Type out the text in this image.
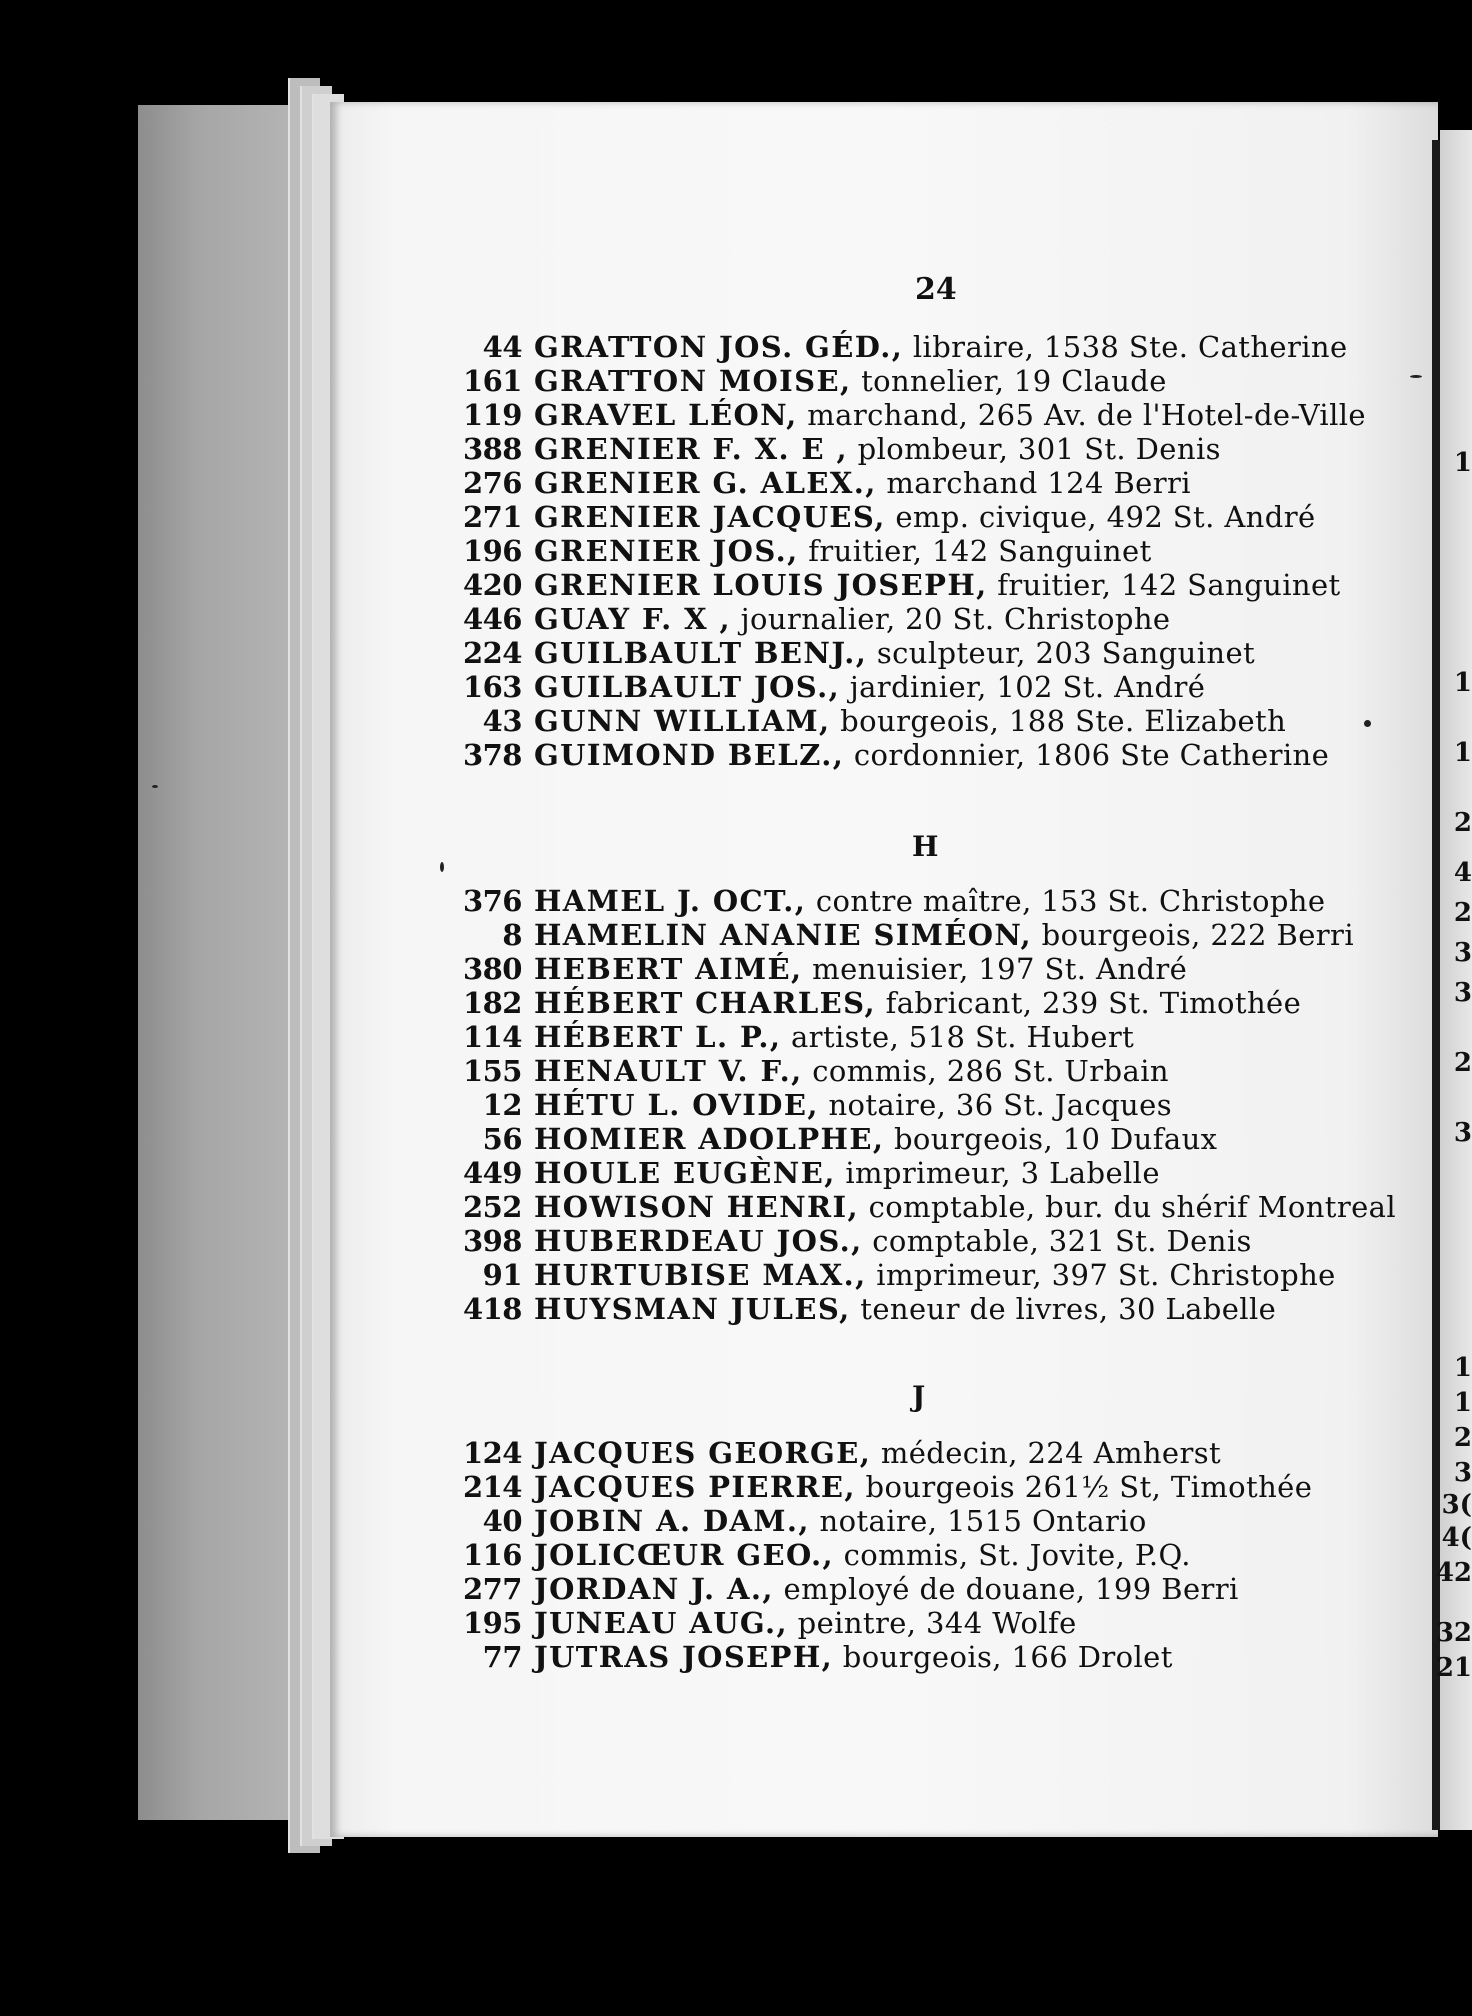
1
1
1
2
4
2
3
3
2
3
1
1
2
3
3(
4(
42
32
21
24
44 GRATTON JOS. GÉD., libraire, 1538 Ste. Catherine
161 GRATTON MOISE, tonnelier, 19 Claude
119 GRAVEL LÉON, marchand, 265 Av. de l'Hotel-de-Ville
388 GRENIER F. X. E , plombeur, 301 St. Denis
276 GRENIER G. ALEX., marchand 124 Berri
271 GRENIER JACQUES, emp. civique, 492 St. André
196 GRENIER JOS., fruitier, 142 Sanguinet
420 GRENIER LOUIS JOSEPH, fruitier, 142 Sanguinet
446 GUAY F. X , journalier, 20 St. Christophe
224 GUILBAULT BENJ., sculpteur, 203 Sanguinet
163 GUILBAULT JOS., jardinier, 102 St. André
43 GUNN WILLIAM, bourgeois, 188 Ste. Elizabeth
378 GUIMOND BELZ., cordonnier, 1806 Ste Catherine
H
376 HAMEL J. OCT., contre maître, 153 St. Christophe
8 HAMELIN ANANIE SIMÉON, bourgeois, 222 Berri
380 HEBERT AIMÉ, menuisier, 197 St. André
182 HÉBERT CHARLES, fabricant, 239 St. Timothée
114 HÉBERT L. P., artiste, 518 St. Hubert
155 HENAULT V. F., commis, 286 St. Urbain
12 HÉTU L. OVIDE, notaire, 36 St. Jacques
56 HOMIER ADOLPHE, bourgeois, 10 Dufaux
449 HOULE EUGÈNE, imprimeur, 3 Labelle
252 HOWISON HENRI, comptable, bur. du shérif Montreal
398 HUBERDEAU JOS., comptable, 321 St. Denis
91 HURTUBISE MAX., imprimeur, 397 St. Christophe
418 HUYSMAN JULES, teneur de livres, 30 Labelle
J
124 JACQUES GEORGE, médecin, 224 Amherst
214 JACQUES PIERRE, bourgeois 261½ St, Timothée
40 JOBIN A. DAM., notaire, 1515 Ontario
116 JOLICŒUR GEO., commis, St. Jovite, P.Q.
277 JORDAN J. A., employé de douane, 199 Berri
195 JUNEAU AUG., peintre, 344 Wolfe
77 JUTRAS JOSEPH, bourgeois, 166 Drolet
